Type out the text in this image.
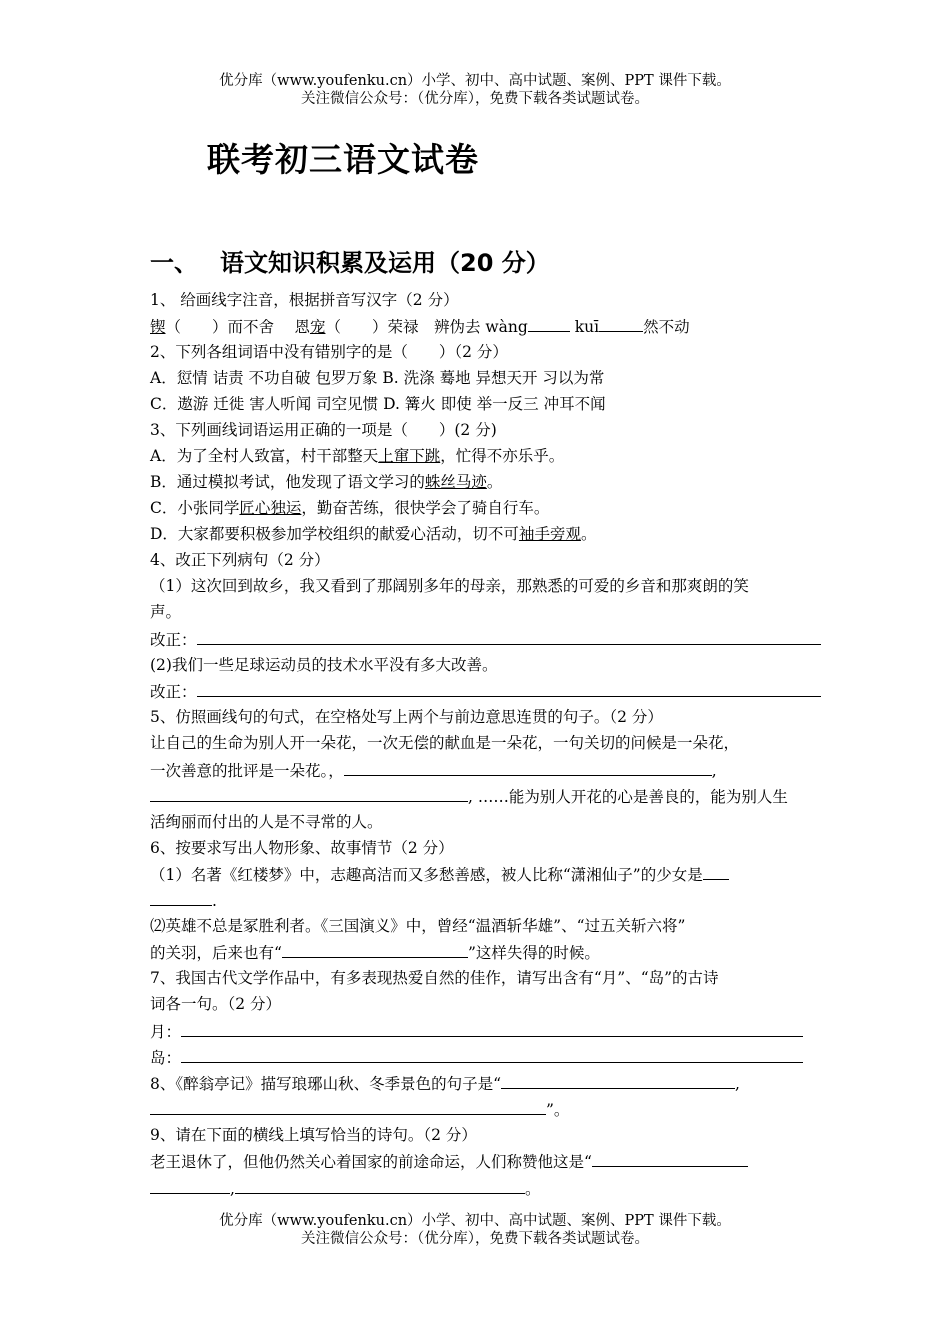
优分库（www.youfenku.cn）小学、初中、高中试题、案例、PPT 课件下载。
关注微信公众号：（优分库），免费下载各类试题试卷。
联考初三语文试卷
一、 语文知识积累及运用（20 分）
1、 给画线字注音，根据拼音写汉字（2 分）
锲（　　）而不舍　 恩宠（　　）荣禄　辨伪去 wàng	kuī	然不动
2、下列各组词语中没有错别字的是（　　）（2 分）
A．愆情 诘责 不功自破 包罗万象 B. 洗涤 蓦地 异想天开 习以为常
C．遨游 迁徙 害人听闻 司空见惯 D. 篝火 即使 举一反三 冲耳不闻
3、下列画线词语运用正确的一项是（　　）(2 分)
A．为了全村人致富，村干部整天上窜下跳，忙得不亦乐乎。
B．通过模拟考试，他发现了语文学习的蛛丝马迹。
C．小张同学匠心独运，勤奋苦练，很快学会了骑自行车。
D．大家都要积极参加学校组织的献爱心活动，切不可袖手旁观。
4、改正下列病句（2 分）
（1）这次回到故乡，我又看到了那阔别多年的母亲，那熟悉的可爱的乡音和那爽朗的笑
声。
改正：
(2)我们一些足球运动员的技术水平没有多大改善。
改正：
5、仿照画线句的句式，在空格处写上两个与前边意思连贯的句子。（2 分）
让自己的生命为别人开一朵花，一次无偿的献血是一朵花，一句关切的问候是一朵花，
一次善意的批评是一朵花。，	,
, ……能为别人开花的心是善良的，能为别人生
活绚丽而付出的人是不寻常的人。
6、按要求写出人物形象、故事情节（2 分）
（1）名著《红楼梦》中，志趣高洁而又多愁善感，被人比称“潇湘仙子”的少女是
.
⑵英雄不总是冢胜利者。《三国演义》中，曾经“温酒斩华雄”、“过五关斩六将”
的关羽，后来也有“	”这样失得的时候。
7、我国古代文学作品中，有多表现热爱自然的佳作，请写出含有“月”、“岛”的古诗
词各一句。（2 分）
月：
岛：
8、《醉翁亭记》描写琅琊山秋、冬季景色的句子是“	,
”。
9、请在下面的横线上填写恰当的诗句。（2 分）
老王退休了，但他仍然关心着国家的前途命运，人们称赞他这是“
,	。
优分库（www.youfenku.cn）小学、初中、高中试题、案例、PPT 课件下载。
关注微信公众号：（优分库），免费下载各类试题试卷。
